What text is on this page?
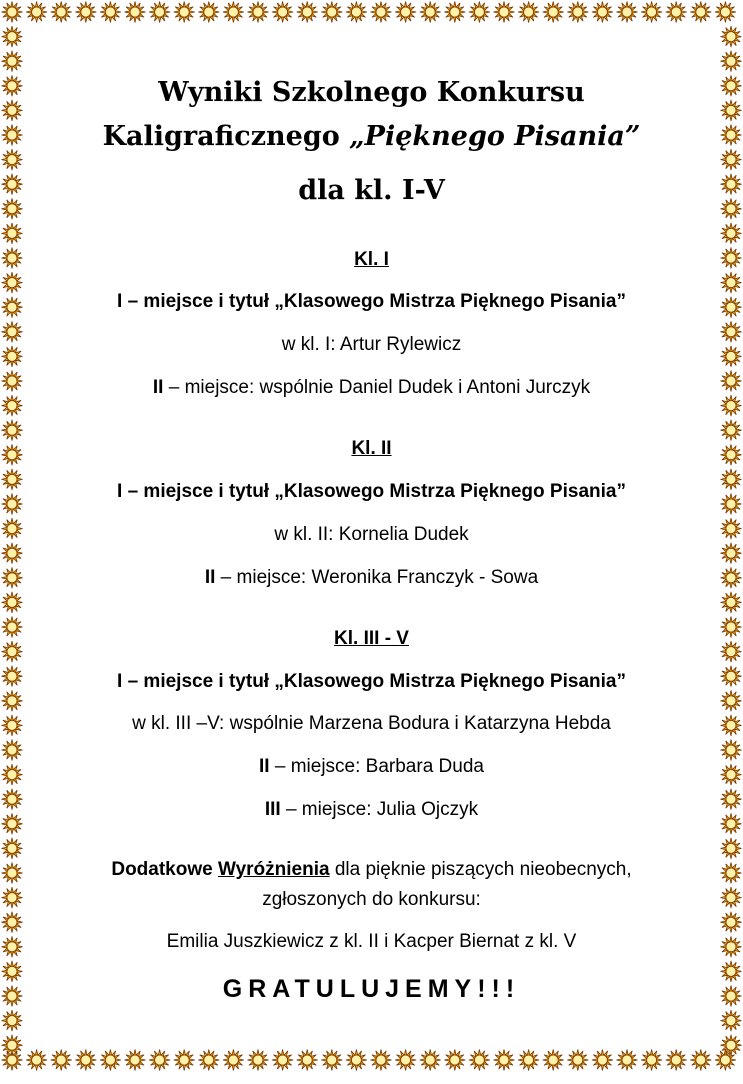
Wyniki Szkolnego Konkursu
Kaligraficznego „Pięknego Pisania”
dla kl. I-V
Kl. I
I – miejsce i tytuł „Klasowego Mistrza Pięknego Pisania”
w kl. I: Artur Rylewicz
II – miejsce: wspólnie Daniel Dudek i Antoni Jurczyk
Kl. II
I – miejsce i tytuł „Klasowego Mistrza Pięknego Pisania”
w kl. II: Kornelia Dudek
II – miejsce: Weronika Franczyk - Sowa
Kl. III - V
I – miejsce i tytuł „Klasowego Mistrza Pięknego Pisania”
w kl. III –V: wspólnie Marzena Bodura i Katarzyna Hebda
II – miejsce: Barbara Duda
III – miejsce: Julia Ojczyk
Dodatkowe Wyróżnienia dla pięknie piszących nieobecnych,
zgłoszonych do konkursu:
Emilia Juszkiewicz z kl. II i Kacper Biernat z kl. V
GRATULUJEMY!!!
